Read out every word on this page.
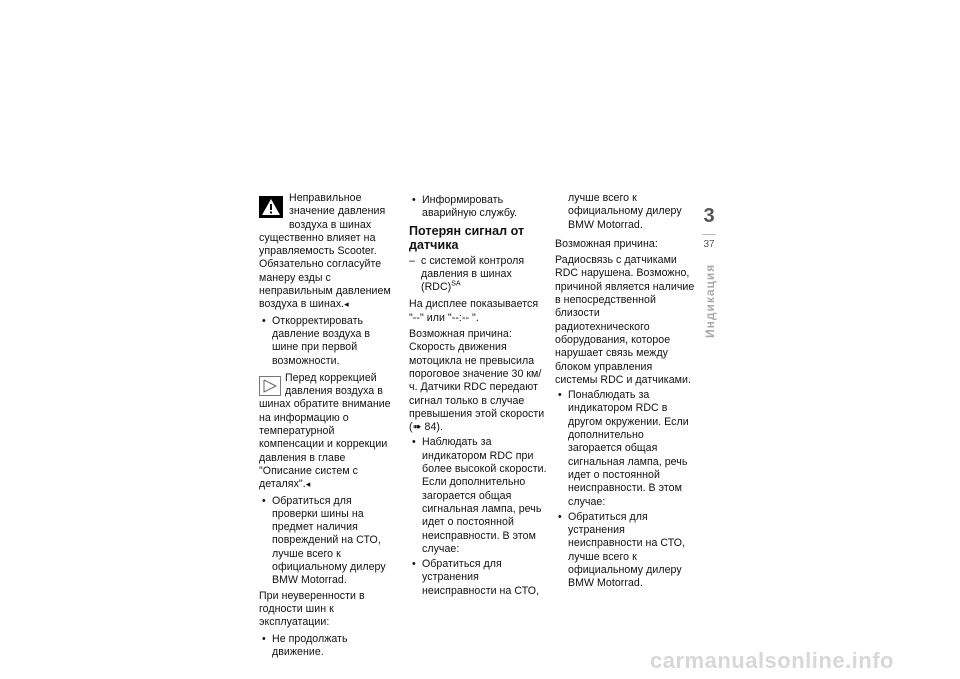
Неправильное значение давления воздуха в шинах существенно влияет на управляемость Scooter.
Обязательно согласуйте манеру езды с неправильным давлением воздуха в шинах.◂
• Откорректировать давление воздуха в шине при первой возможности.
Перед коррекцией давления воздуха в шинах обратите внимание на информацию о температурной компенсации и коррекции давления в главе "Описание систем с деталях".◂
• Обратиться для проверки шины на предмет наличия повреждений на СТО, лучше всего к официальному дилеру BMW Motorrad.
При неуверенности в годности шин к эксплуатации:
• Не продолжать движение.
• Информировать аварийную службу.
Потерян сигнал от датчика
– с системой контроля давления в шинах (RDC)$^{SA}$
На дисплее показывается "--" или "--:-- ".
Возможная причина:
Скорость движения мотоцикла не превысила пороговое значение 30 км/ч. Датчики RDC передают сигнал только в случае превышения этой скорости
(➠ 84).
• Наблюдать за индикатором RDC при более высокой скорости. Если дополнительно загорается общая сигнальная лампа, речь идет о постоянной неисправности. В этом случае:
• Обратиться для устранения неисправности на СТО,
лучше всего к официальному дилеру BMW Motorrad.
Возможная причина:
Радиосвязь с датчиками RDC нарушена. Возможно, причиной является наличие в непосредственной близости радиотехнического оборудования, которое нарушает связь между блоком управления системы RDC и датчиками.
• Понаблюдать за индикатором RDC в другом окружении. Если дополнительно загорается общая сигнальная лампа, речь идет о постоянной неисправности. В этом случае:
• Обратиться для устранения неисправности на СТО, лучше всего к официальному дилеру BMW Motorrad.
3
37
Индикация
carmanualsonline.info
